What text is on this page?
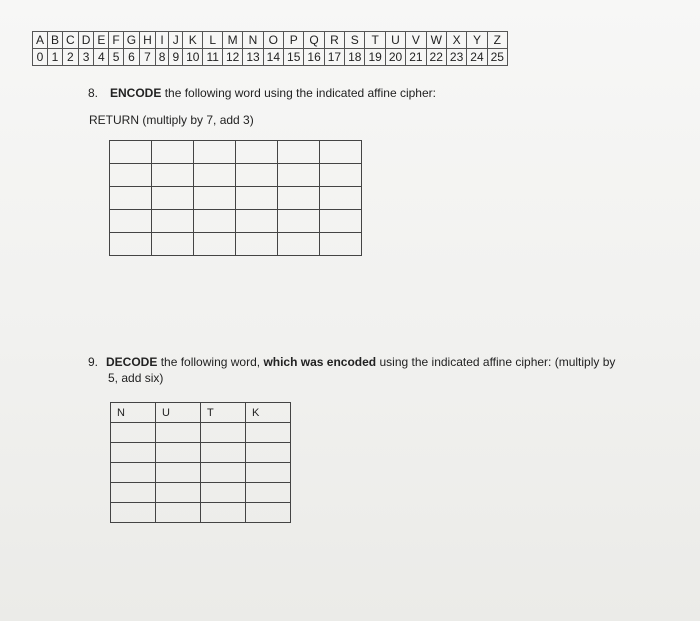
A	B	C	D	E	F	G	H	I	J	K	L	M	N	O	P	Q	R	S	T	U	V	W	X	Y	Z
0	1	2	3	4	5	6	7	8	9	10	11	12	13	14	15	16	17	18	19	20	21	22	23	24	25
8. ENCODE the following word using the indicated affine cipher:
RETURN (multiply by 7, add 3)

9. DECODE the following word, which was encoded using the indicated affine cipher: (multiply by
5, add six)
N	U	T	K
